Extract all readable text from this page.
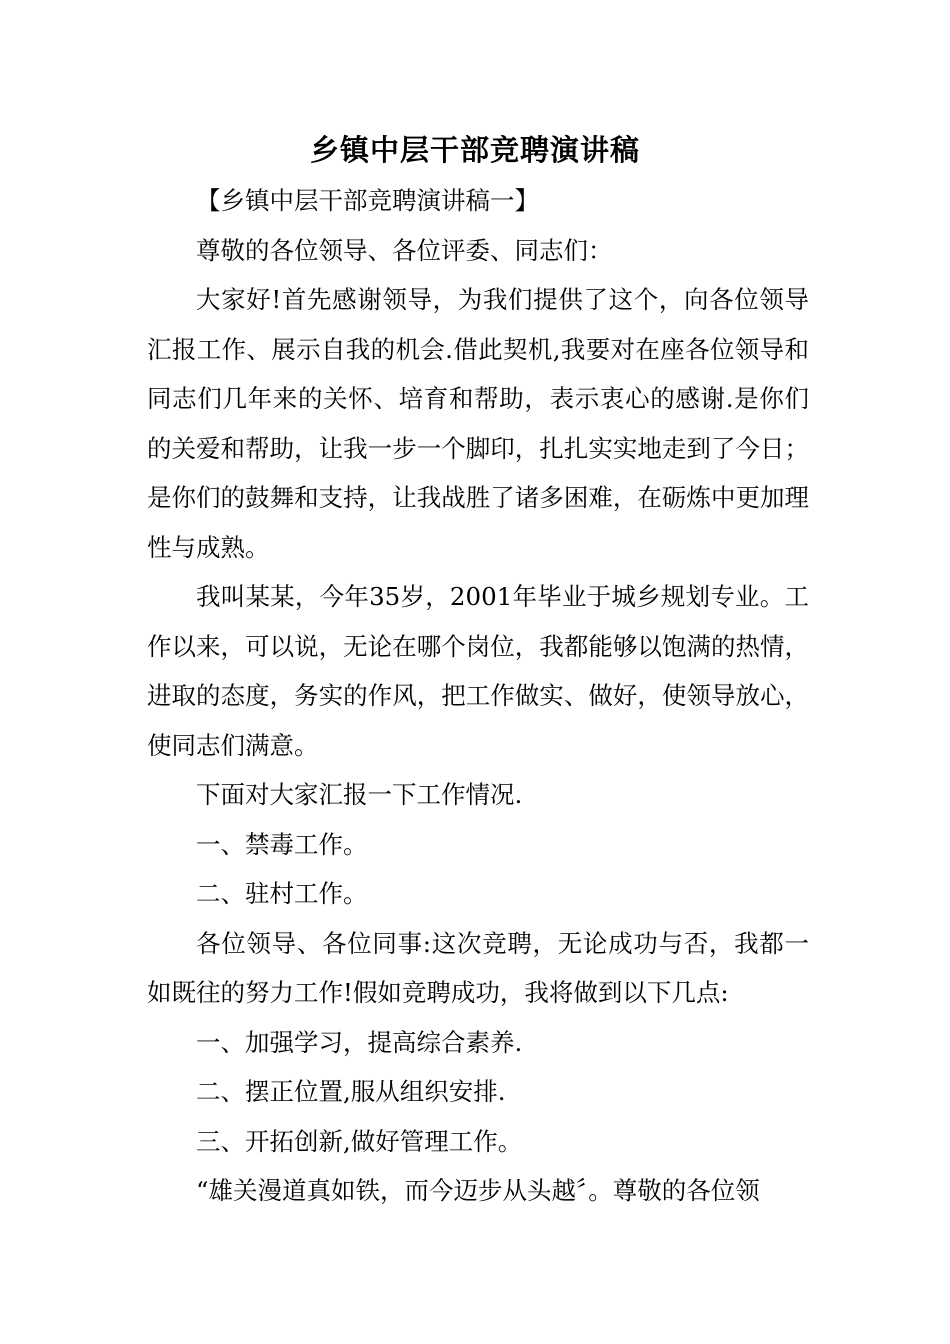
乡镇中层干部竞聘演讲稿

【乡镇中层干部竞聘演讲稿一】

尊敬的各位领导、各位评委、同志们：

大家好!首先感谢领导，为我们提供了这个，向各位领导汇报工作、展示自我的机会.借此契机,我要对在座各位领导和同志们几年来的关怀、培育和帮助，表示衷心的感谢.是你们的关爱和帮助，让我一步一个脚印，扎扎实实地走到了今日；是你们的鼓舞和支持，让我战胜了诸多困难，在砺炼中更加理性与成熟。

我叫某某，今年35岁，2001年毕业于城乡规划专业。工作以来，可以说，无论在哪个岗位，我都能够以饱满的热情，进取的态度，务实的作风，把工作做实、做好，使领导放心，使同志们满意。

下面对大家汇报一下工作情况.

一、禁毒工作。

二、驻村工作。

各位领导、各位同事:这次竞聘，无论成功与否，我都一如既往的努力工作!假如竞聘成功，我将做到以下几点:

一、加强学习，提高综合素养.

二、摆正位置,服从组织安排.

三、开拓创新,做好管理工作。

“雄关漫道真如铁，而今迈步从头越〞。尊敬的各位领
